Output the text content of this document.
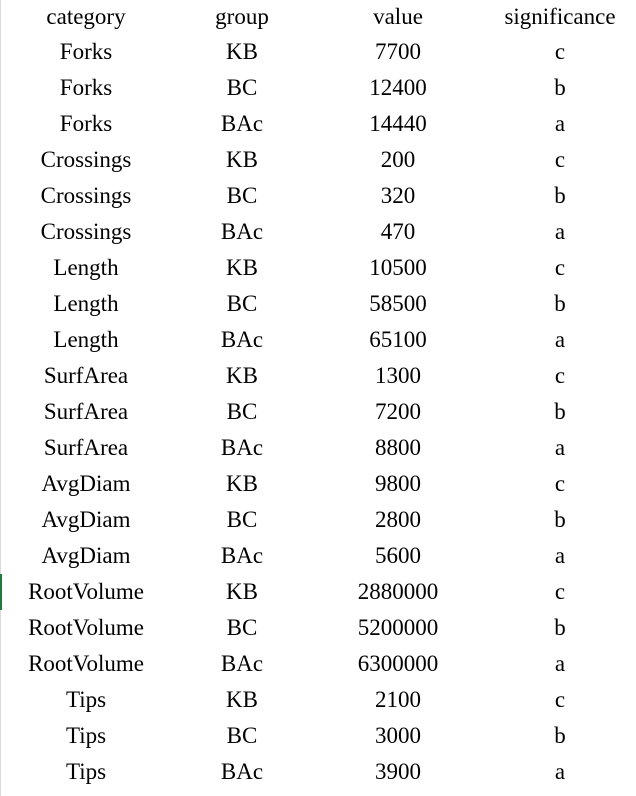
category	group	value	significance
Forks	KB	7700	c
Forks	BC	12400	b
Forks	BAc	14440	a
Crossings	KB	200	c
Crossings	BC	320	b
Crossings	BAc	470	a
Length	KB	10500	c
Length	BC	58500	b
Length	BAc	65100	a
SurfArea	KB	1300	c
SurfArea	BC	7200	b
SurfArea	BAc	8800	a
AvgDiam	KB	9800	c
AvgDiam	BC	2800	b
AvgDiam	BAc	5600	a
RootVolume	KB	2880000	c
RootVolume	BC	5200000	b
RootVolume	BAc	6300000	a
Tips	KB	2100	c
Tips	BC	3000	b
Tips	BAc	3900	a
